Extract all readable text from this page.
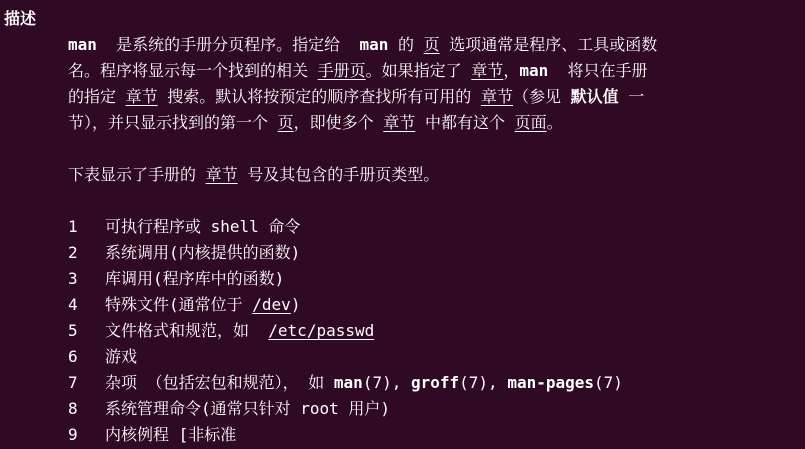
描述
man  是系统的手册分页程序。指定给  man 的 页 选项通常是程序、工具或函数
名。程序将显示每一个找到的相关 手册页。如果指定了 章节，man  将只在手册
的指定 章节 搜索。默认将按预定的顺序查找所有可用的 章节（参见 默认值 一
节），并只显示找到的第一个 页，即使多个 章节 中都有这个 页面。
下表显示了手册的 章节 号及其包含的手册页类型。
1 可执行程序或 shell 命令
2 系统调用(内核提供的函数)
3 库调用(程序库中的函数)
4 特殊文件(通常位于 /dev)
5 文件格式和规范，如  /etc/passwd
6 游戏
7 杂项 （包括宏包和规范）， 如 man(7), groff(7), man-pages(7)
8 系统管理命令(通常只针对 root 用户)
9 内核例程 [非标准
